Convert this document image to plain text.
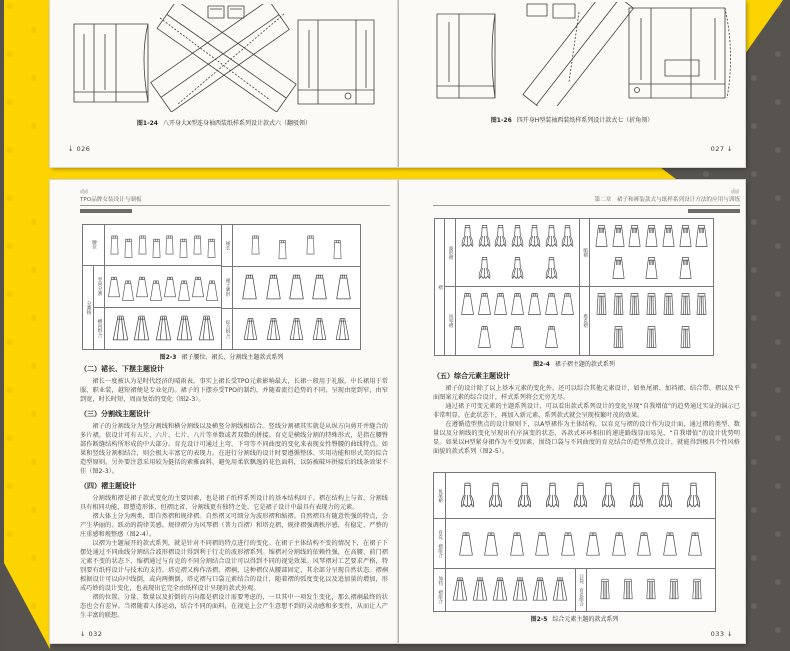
图1-24 八开身大X型连身袖西装纸样系列设计款式六（翻驳领）
↓ 026
图1-26 四开身H型装袖西装纸样系列设计款式七（折角领）
027 ↓
TPO品牌女装设计与制板
腰位
分割线
竖向分割
横向组合
裙长
裙子廓形
综合组合
图2-3 裙子腰位、裙长、分割线主题款式系列
（二）裙长、下摆主题设计

裙长一度被认为是时代经济的晴雨表。事实上裙长受TPO元素影响最大，长裙一般用于礼服，中长裙用于常服、职业装，越短裙便是专业化的。裙子的下摆亦受TPO的制约，并随着流行趋势的不同，呈现由宽到窄，由窄到宽，时长时短，周而复始的变化（图2-3）。

（三）分割线主题设计

裙子的分割线分为竖分割线和横分割线以及横竖分割线相结合。竖线分割裙其实就是从纵方向剪开并缝合的多片裙，依设计可有五片、六片、七片、八片等单数或者双数的拼接。育克是横线分割的特殊形式，是指在腰臀部作断缝结构所形成的中大部分。育克设计可通过上弯、下弯等不同曲度的变化来表现女性臀腰的曲线特点。如果和竖线分割相结合，则会极大丰富它的表现力。在进行分割线的设计时要遵循整体、实用功能和形式美的综合造型原则。另外要注意采用较为挺括的素雅面料，避免用柔软飘逸的花色面料，以防被破坏拼接后的线条效果不佳（图2-3）。

（四）褶主题设计

分割线和褶是裙子款式变化的主要因素，也是裙子纸样系列设计的基本结构因子。褶在结构上与省、分割线具有相同功能，即塑造形体，但褶比省、分割线更有独特之处，它是裙子设计中最具有表现力的元素。

褶大体上分为两类，即自然褶和规律褶。自然褶又可细分为波形褶和缩褶。自然褶具有随意性强的特点，会产生华丽的、跃动的韵律美感。规律褶分为风琴褶（普力百褶）和塔克褶，规律褶强调秩序感，有稳定、严整的庄重感和规整感（图2-4）。

以褶为主题展开的款式系列，就是针对不同褶的特点进行的变化。在裙子主体结构不变的情况下，在裙子下摆处通过不同曲线分割结合波形褶设计得到利于行走的波形褶系列。缩褶对分割线的依赖性强，在高腰、前门褶元素不变的状态下，缩褶通过与育克的不同分割结合设计可以得到不同的视觉效果。风琴褶对工艺要求严格，特别要有纸样设计与技术的支持。塔克褶又称作活褶、褶裥，这种褶仅从腰部固定，其余部分呈现自然状态。褶裥根据设计可以向中线倒，或向两侧倒。塔克褶与口袋元素结合的设计，随着褶的弧度变化以及追加量的增加，形成巧妙的设计变化，也表现出它完全由纸样设计呈现的款式外观。

褶的位置、分量、数量以及折倒的方向都是褶设计需要考虑的，一旦其中一项发生变化，那么褶裥最终的状态也会有差异。当褶随着人体运动，结合不同的面料，在视觉上会产生意想不到的灵动感和多变性，从而让人产生丰富的联想。

↓ 032
第二章　裙子和裤装款式与纸样系列设计方法的应用与训练
褶
波形褶	缩褶
风琴褶	塔克褶
图2-4 裙子褶主题的款式系列
（五）综合元素主题设计

裙子的设计除了以上基本元素的变化外，还可以综合其他元素设计，如鱼尾裙、加裆裙、结合带、褶以及平面图案元素的综合设计，样式系列将会无穷无尽。

通过裙子可变元素的主题系列设计，可以看出款式系列设计的变化呈现“自我增值”的趋势通过实证的演示已非常明显。在此状态下，再加入新元素，系列款式就会呈现枝繁叶茂的效果。

在遵循造型焦点的设计原则下，以A型裙作为主体结构，以育克与褶的设计作为设计面，通过褶的类型、数量以及分割线的变化呈现出有序演变的状态，各款式环环相扣的递进路线显而易见，“自我增值”的设计优势明显。如果以H型紧身裙作为不变因素，围绕口袋与不同曲度的育克结合的造型焦点设计，就能得到极具个性风格面貌的款式系列（图2-5）。

鱼尾裙
育克、褶组合
加裆、褶组合	口袋、育克组合
图2-5 综合元素主题的款式系列
033 ↓
